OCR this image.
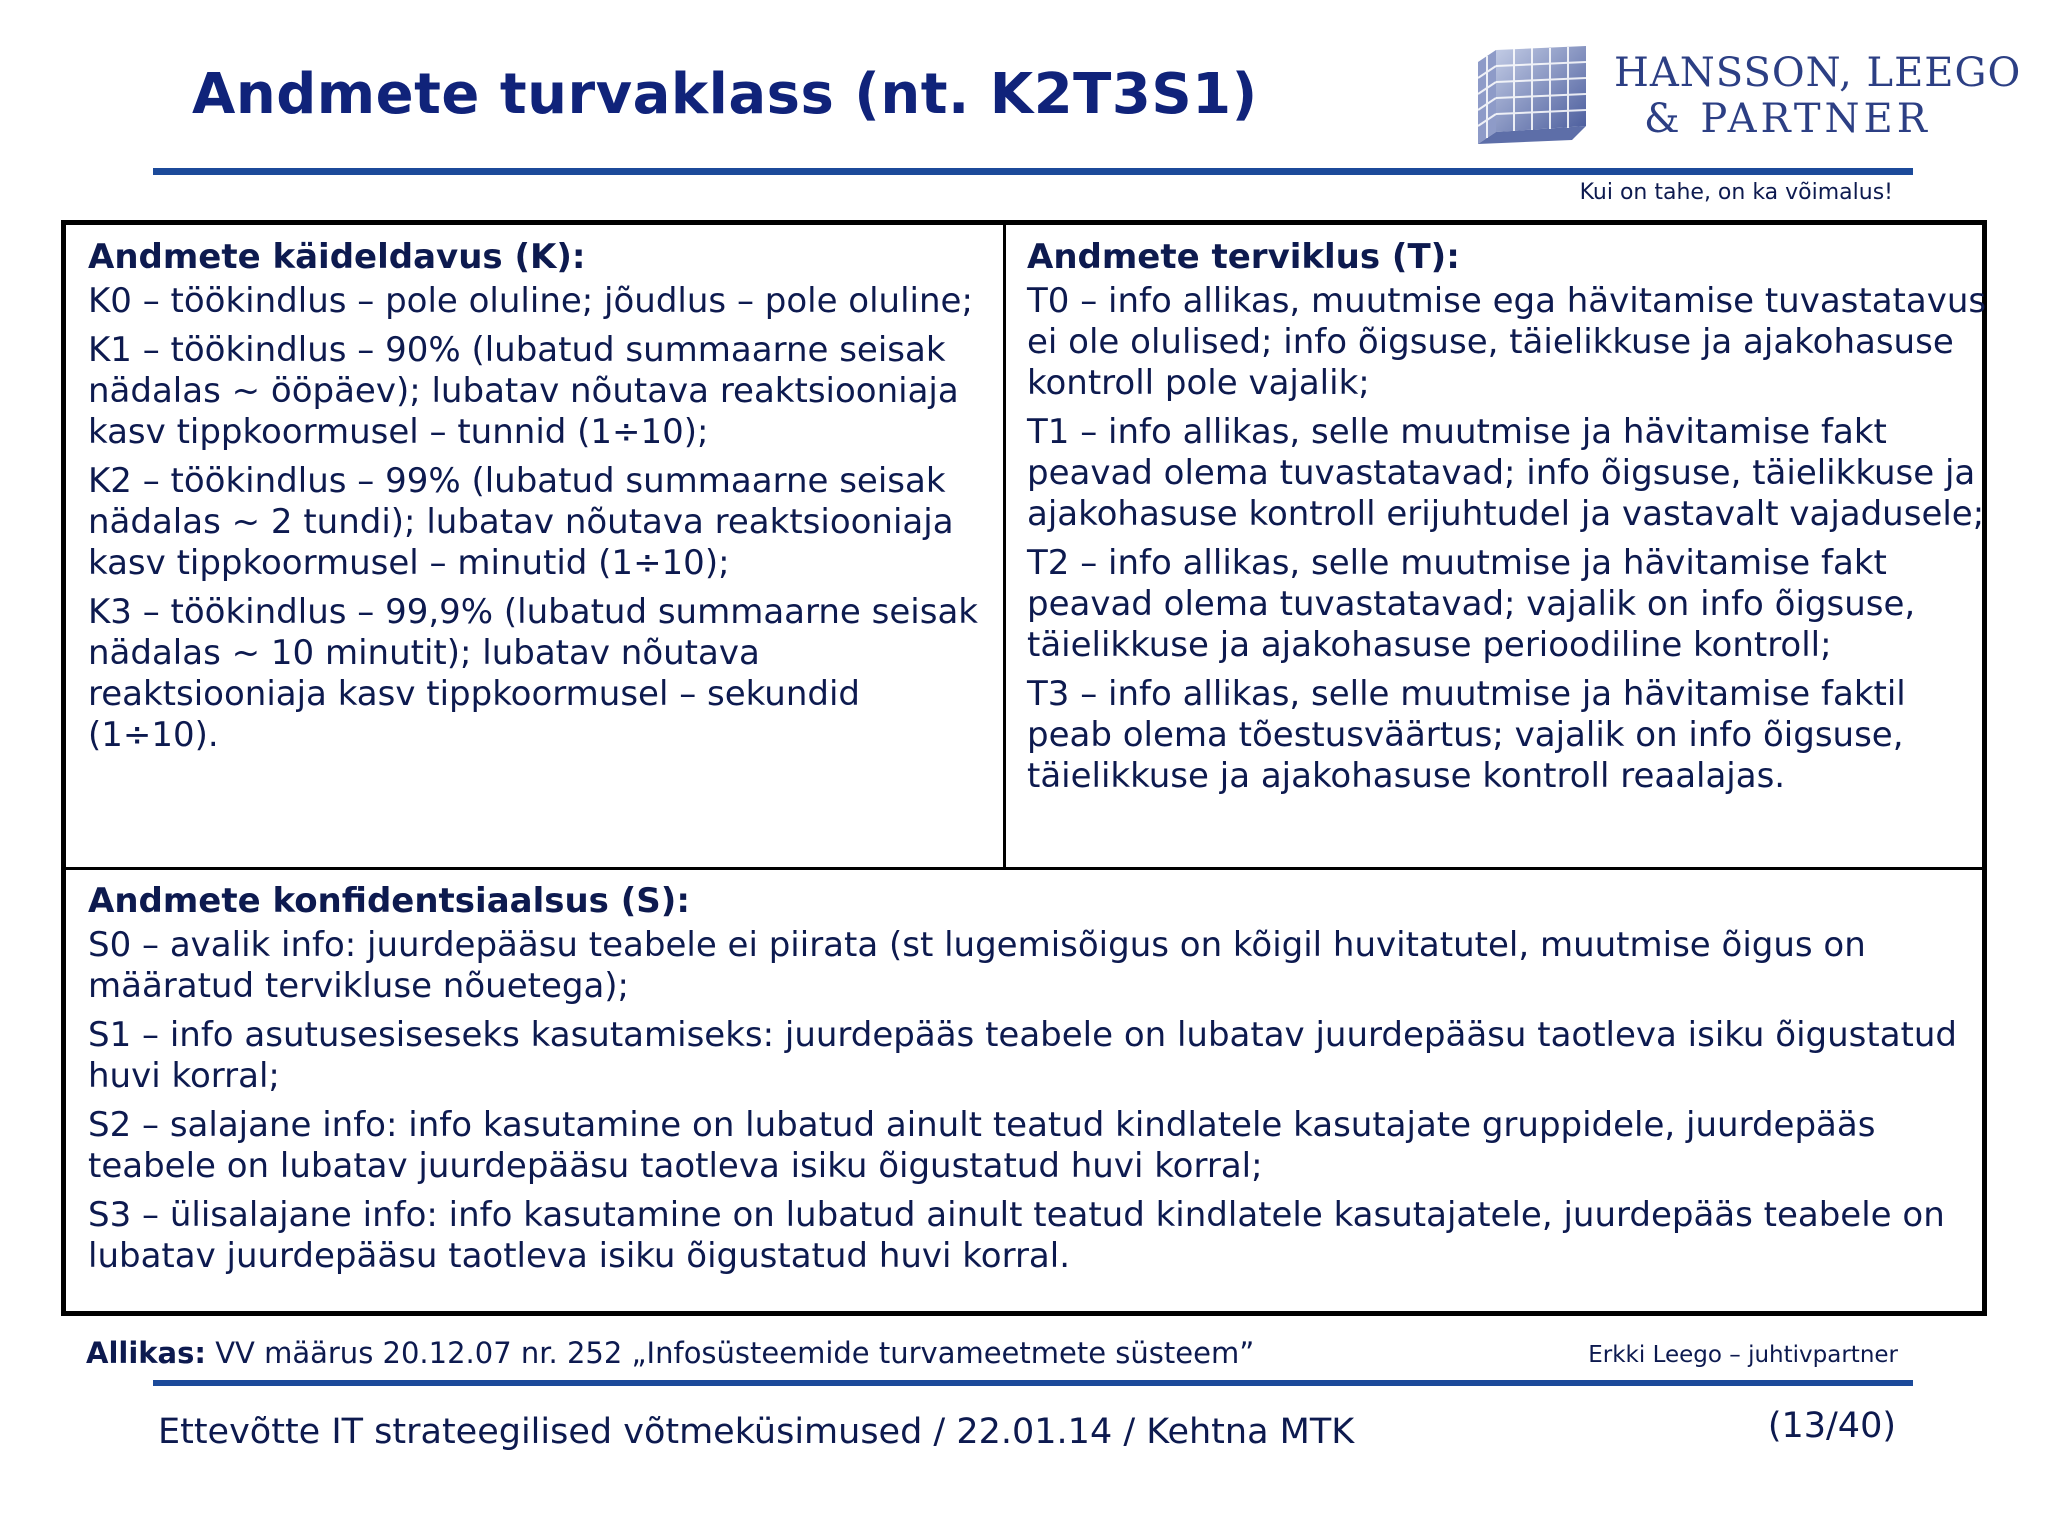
Andmete turvaklass (nt. K2T3S1)	HANSSON, LEEGO
& PARTNER
Kui on tahe, on ka võimalus!
Andmete käideldavus (K):

K0 – töökindlus – pole oluline; jõudlus – pole oluline;

K1 – töökindlus – 90% (lubatud summaarne seisak nädalas ~ ööpäev); lubatav nõutava reaktsiooniaja kasv tippkoormusel – tunnid (1÷10);

K2 – töökindlus – 99% (lubatud summaarne seisak nädalas ~ 2 tundi); lubatav nõutava reaktsiooniaja kasv tippkoormusel – minutid (1÷10);

K3 – töökindlus – 99,9% (lubatud summaarne seisak nädalas ~ 10 minutit); lubatav nõutava reaktsiooniaja kasv tippkoormusel – sekundid (1÷10).

Andmete terviklus (T):

T0 – info allikas, muutmise ega hävitamise tuvastatavus ei ole olulised; info õigsuse, täielikkuse ja ajakohasuse kontroll pole vajalik;

T1 – info allikas, selle muutmise ja hävitamise fakt peavad olema tuvastatavad; info õigsuse, täielikkuse ja ajakohasuse kontroll erijuhtudel ja vastavalt vajadusele;

T2 – info allikas, selle muutmise ja hävitamise fakt peavad olema tuvastatavad; vajalik on info õigsuse, täielikkuse ja ajakohasuse perioodiline kontroll;

T3 – info allikas, selle muutmise ja hävitamise faktil peab olema tõestusväärtus; vajalik on info õigsuse, täielikkuse ja ajakohasuse kontroll reaalajas.

Andmete konfidentsiaalsus (S):

S0 – avalik info: juurdepääsu teabele ei piirata (st lugemisõigus on kõigil huvitatutel, muutmise õigus on määratud tervikluse nõuetega);

S1 – info asutusesiseseks kasutamiseks: juurdepääs teabele on lubatav juurdepääsu taotleva isiku õigustatud huvi korral;

S2 – salajane info: info kasutamine on lubatud ainult teatud kindlatele kasutajate gruppidele, juurdepääs teabele on lubatav juurdepääsu taotleva isiku õigustatud huvi korral;

S3 – ülisalajane info: info kasutamine on lubatud ainult teatud kindlatele kasutajatele, juurdepääs teabele on lubatav juurdepääsu taotleva isiku õigustatud huvi korral.

Allikas: VV määrus 20.12.07 nr. 252 „Infosüsteemide turvameetmete süsteem”	Erkki Leego – juhtivpartner
Ettevõtte IT strateegilised võtmeküsimused / 22.01.14 / Kehtna MTK	(13/40)
